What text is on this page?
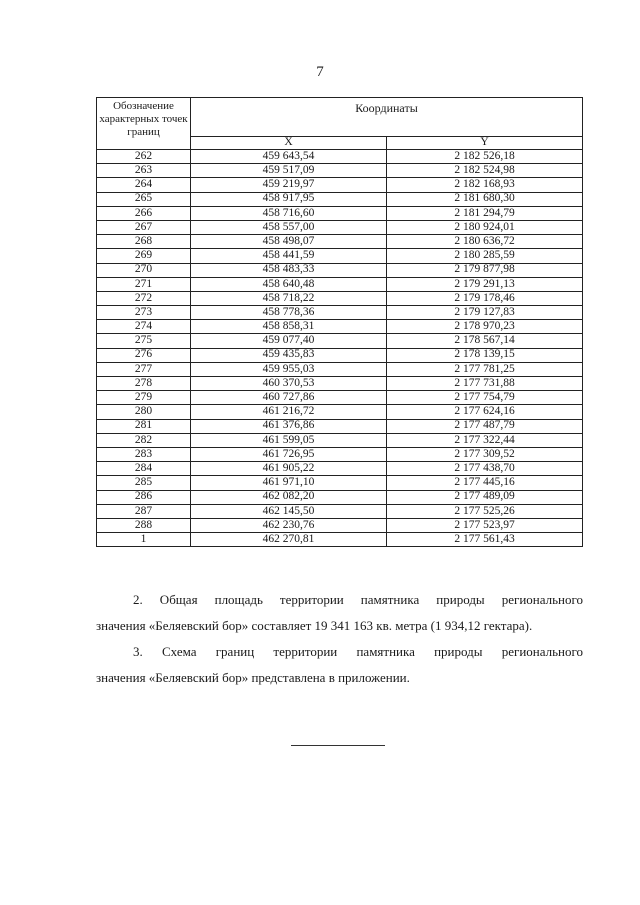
7
Обозначение характерных точек границ	Координаты	
	X	Y
262	459 643,54	2 182 526,18
263	459 517,09	2 182 524,98
264	459 219,97	2 182 168,93
265	458 917,95	2 181 680,30
266	458 716,60	2 181 294,79
267	458 557,00	2 180 924,01
268	458 498,07	2 180 636,72
269	458 441,59	2 180 285,59
270	458 483,33	2 179 877,98
271	458 640,48	2 179 291,13
272	458 718,22	2 179 178,46
273	458 778,36	2 179 127,83
274	458 858,31	2 178 970,23
275	459 077,40	2 178 567,14
276	459 435,83	2 178 139,15
277	459 955,03	2 177 781,25
278	460 370,53	2 177 731,88
279	460 727,86	2 177 754,79
280	461 216,72	2 177 624,16
281	461 376,86	2 177 487,79
282	461 599,05	2 177 322,44
283	461 726,95	2 177 309,52
284	461 905,22	2 177 438,70
285	461 971,10	2 177 445,16
286	462 082,20	2 177 489,09
287	462 145,50	2 177 525,26
288	462 230,76	2 177 523,97
1	462 270,81	2 177 561,43

2. Общая площадь территории памятника природы регионального
значения «Беляевский бор» составляет 19 341 163 кв. метра (1 934,12 гектара).

3. Схема границ территории памятника природы регионального
значения «Беляевский бор» представлена в приложении.
